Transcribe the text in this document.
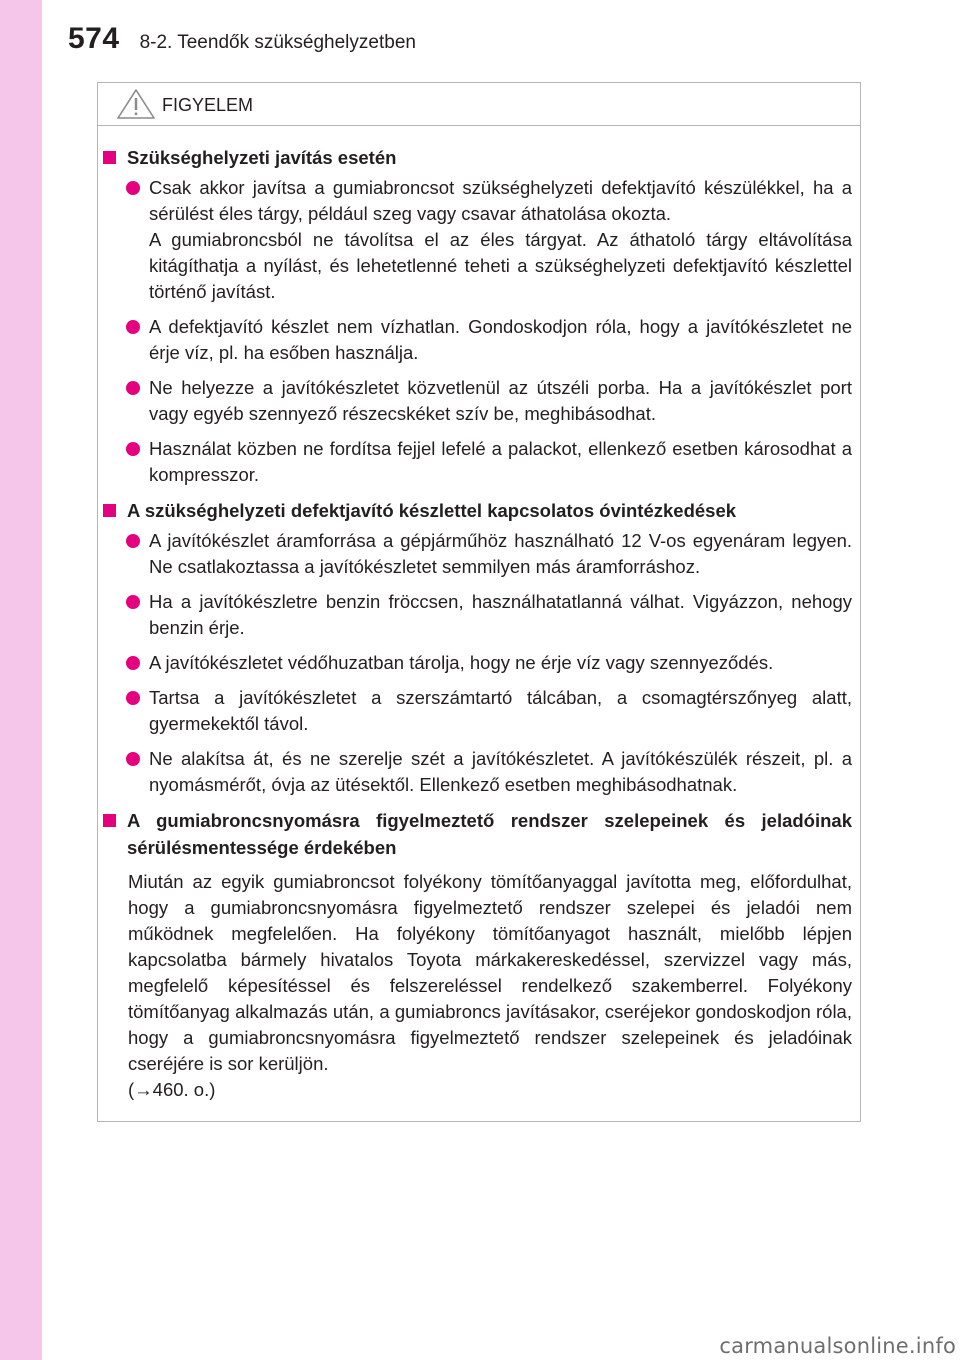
574 8-2. Teendők szükséghelyzetben
FIGYELEM
Szükséghelyzeti javítás esetén
Csak akkor javítsa a gumiabroncsot szükséghelyzeti defektjavító készülékkel, ha a sérülést éles tárgy, például szeg vagy csavar áthatolása okozta.
A gumiabroncsból ne távolítsa el az éles tárgyat. Az áthatoló tárgy eltávolítása kitágíthatja a nyílást, és lehetetlenné teheti a szükséghelyzeti defektjavító készlettel történő javítást.
A defektjavító készlet nem vízhatlan. Gondoskodjon róla, hogy a javítókészletet ne érje víz, pl. ha esőben használja.
Ne helyezze a javítókészletet közvetlenül az útszéli porba. Ha a javítókészlet port vagy egyéb szennyező részecskéket szív be, meghibásodhat.
Használat közben ne fordítsa fejjel lefelé a palackot, ellenkező esetben károsodhat a kompresszor.
A szükséghelyzeti defektjavító készlettel kapcsolatos óvintézkedések
A javítókészlet áramforrása a gépjárműhöz használható 12 V-os egyenáram legyen. Ne csatlakoztassa a javítókészletet semmilyen más áramforráshoz.
Ha a javítókészletre benzin fröccsen, használhatatlanná válhat. Vigyázzon, nehogy benzin érje.
A javítókészletet védőhuzatban tárolja, hogy ne érje víz vagy szennyeződés.
Tartsa a javítókészletet a szerszámtartó tálcában, a csomagtérszőnyeg alatt, gyermekektől távol.
Ne alakítsa át, és ne szerelje szét a javítókészletet. A javítókészülék részeit, pl. a nyomásmérőt, óvja az ütésektől. Ellenkező esetben meghibásodhatnak.
A gumiabroncsnyomásra figyelmeztető rendszer szelepeinek és jeladóinak sérülésmentessége érdekében

Miután az egyik gumiabroncsot folyékony tömítőanyaggal javította meg, előfordulhat, hogy a gumiabroncsnyomásra figyelmeztető rendszer szelepei és jeladói nem működnek megfelelően. Ha folyékony tömítőanyagot használt, mielőbb lépjen kapcsolatba bármely hivatalos Toyota márkakereskedéssel, szervizzel vagy más, megfelelő képesítéssel és felszereléssel rendelkező szakemberrel. Folyékony tömítőanyag alkalmazás után, a gumiabroncs javításakor, cseréjekor gondoskodjon róla, hogy a gumiabroncsnyomásra figyelmeztető rendszer szelepeinek és jeladóinak cseréjére is sor kerüljön.

(→460. o.)

carmanualsonline.info
